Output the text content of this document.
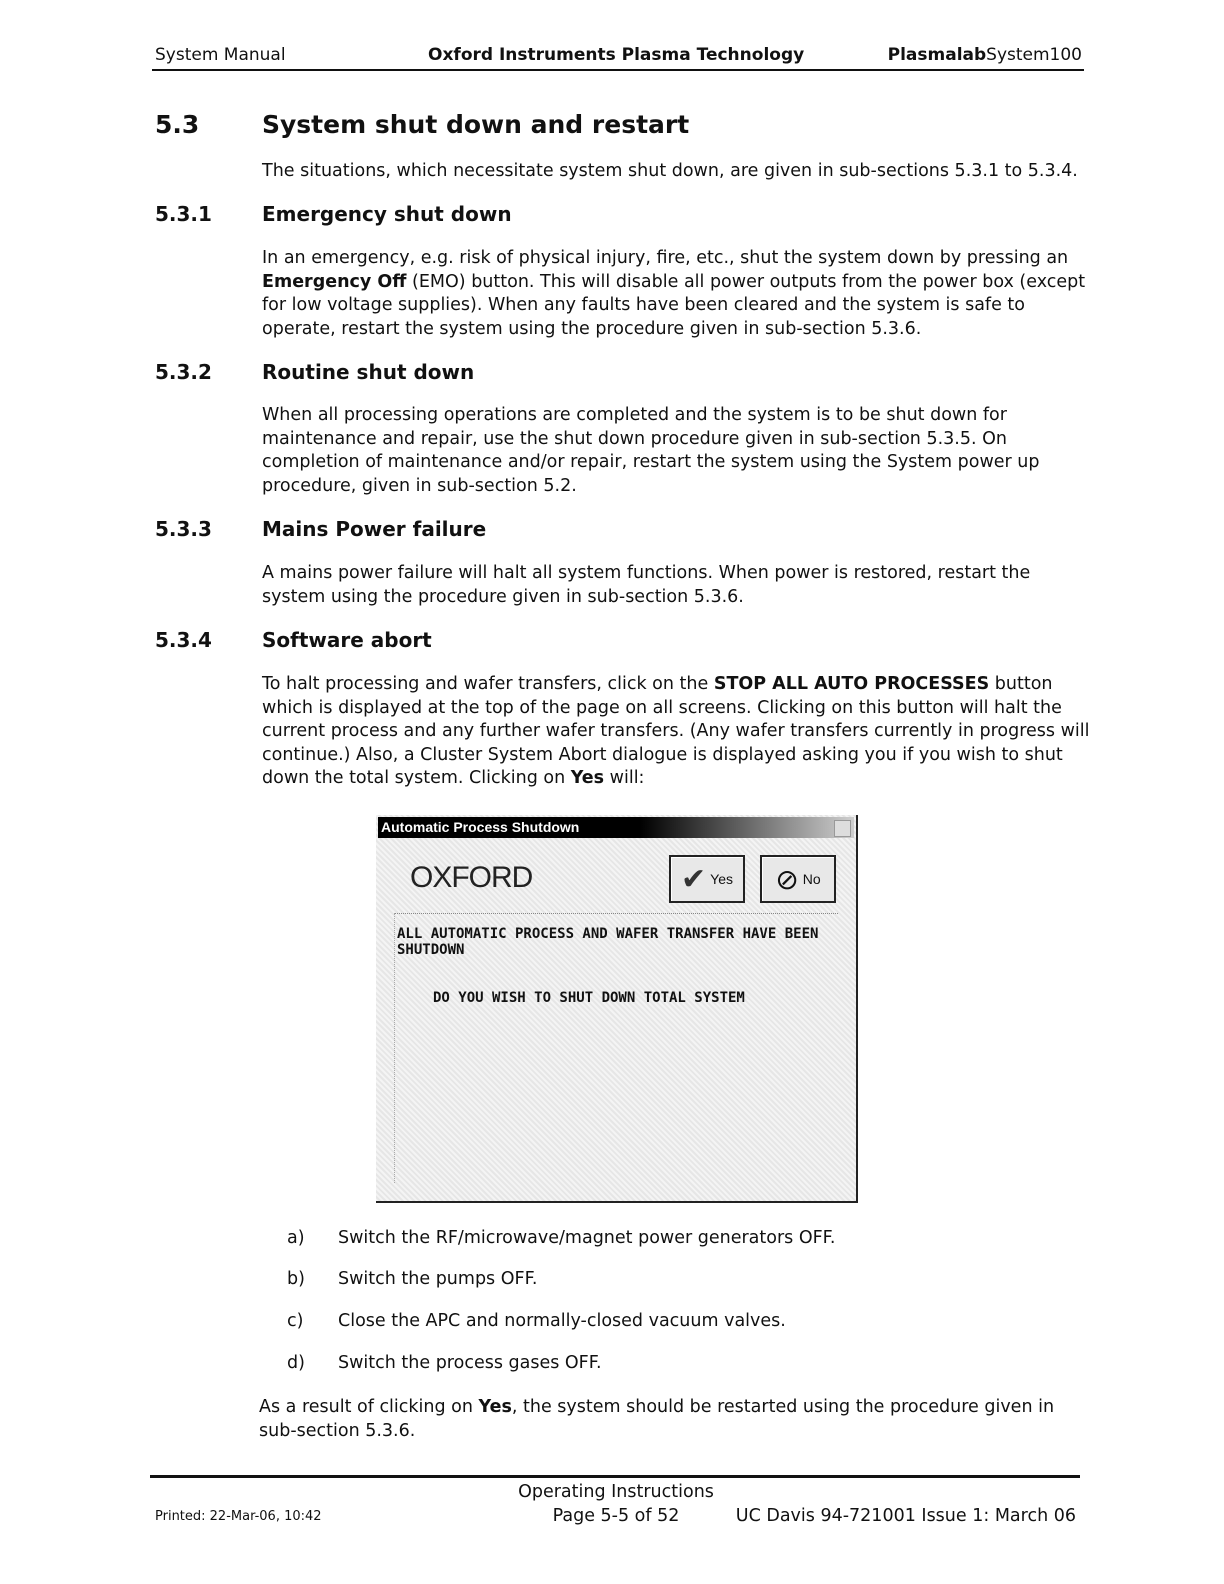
System Manual	Oxford Instruments Plasma Technology	PlasmalabSystem100
5.3	System shut down and restart
The situations, which necessitate system shut down, are given in sub-sections 5.3.1 to 5.3.4.
5.3.1	Emergency shut down
In an emergency, e.g. risk of physical injury, fire, etc., shut the system down by pressing an Emergency Off (EMO) button. This will disable all power outputs from the power box (except for low voltage supplies). When any faults have been cleared and the system is safe to operate, restart the system using the procedure given in sub-section 5.3.6.
5.3.2	Routine shut down
When all processing operations are completed and the system is to be shut down for maintenance and repair, use the shut down procedure given in sub-section 5.3.5. On completion of maintenance and/or repair, restart the system using the System power up procedure, given in sub-section 5.2.
5.3.3	Mains Power failure
A mains power failure will halt all system functions. When power is restored, restart the system using the procedure given in sub-section 5.3.6.
5.3.4	Software abort
To halt processing and wafer transfers, click on the STOP ALL AUTO PROCESSES button which is displayed at the top of the page on all screens. Clicking on this button will halt the current process and any further wafer transfers. (Any wafer transfers currently in progress will continue.) Also, a Cluster System Abort dialogue is displayed asking you if you wish to shut down the total system. Clicking on Yes will:
Automatic Process Shutdown
OXFORD	✔ Yes ⊘ No
ALL AUTOMATIC PROCESS AND WAFER TRANSFER HAVE BEEN SHUTDOWN
DO YOU WISH TO SHUT DOWN TOTAL SYSTEM
a) Switch the RF/microwave/magnet power generators OFF.
b) Switch the pumps OFF.
c) Close the APC and normally-closed vacuum valves.
d) Switch the process gases OFF.
As a result of clicking on Yes, the system should be restarted using the procedure given in sub-section 5.3.6.
Operating Instructions
Printed: 22-Mar-06, 10:42	Page 5-5 of 52	UC Davis 94-721001 Issue 1: March 06
